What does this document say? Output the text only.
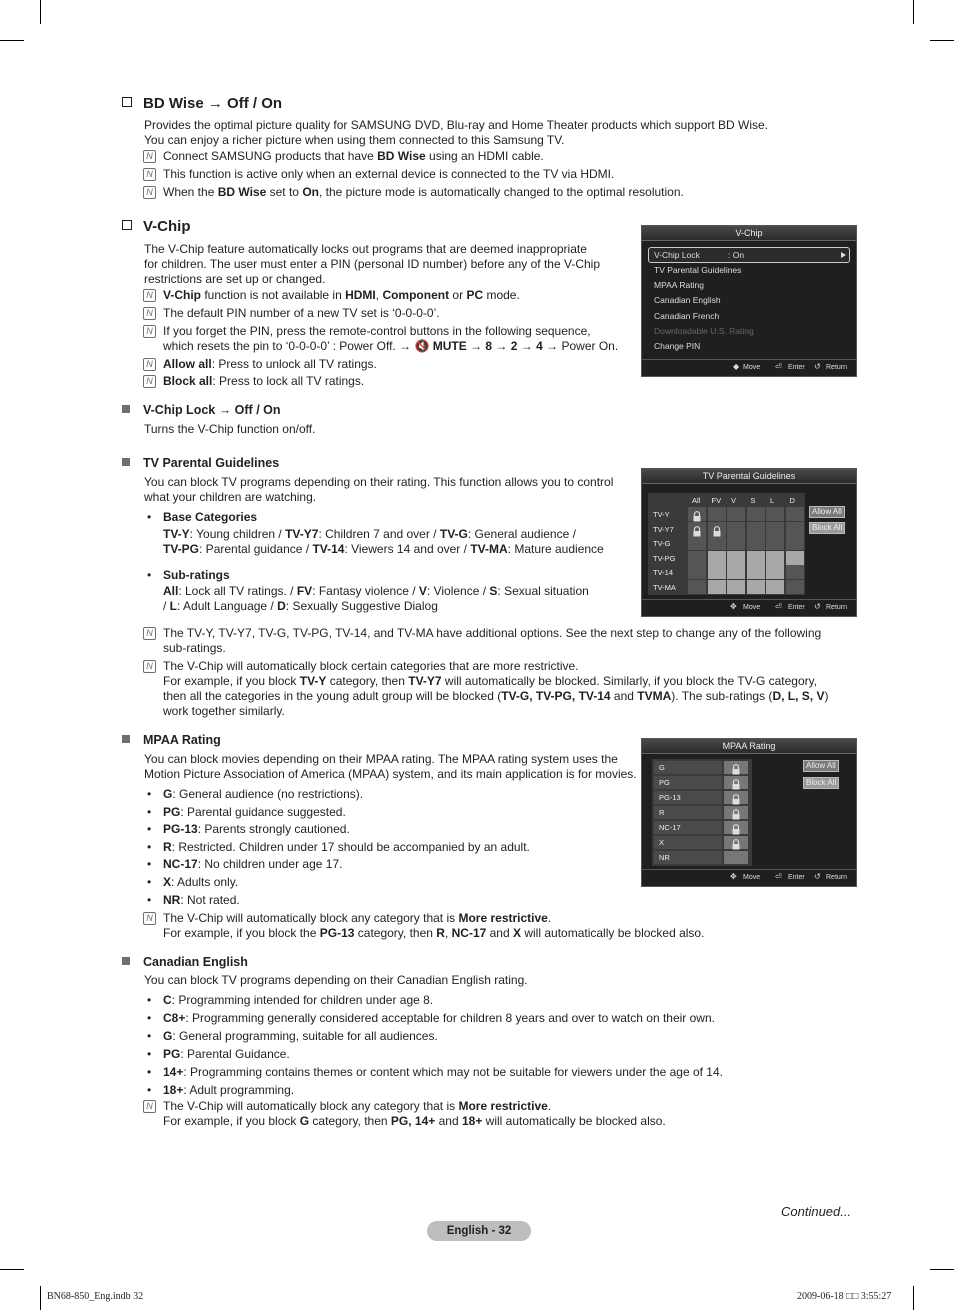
BD Wise → Off / On
Provides the optimal picture quality for SAMSUNG DVD, Blu-ray and Home Theater products which support BD Wise.
You can enjoy a richer picture when using them connected to this Samsung TV.
N Connect SAMSUNG products that have BD Wise using an HDMI cable.
N This function is active only when an external device is connected to the TV via HDMI.
N When the BD Wise set to On, the picture mode is automatically changed to the optimal resolution.
V-Chip
The V-Chip feature automatically locks out programs that are deemed inappropriate
for children. The user must enter a PIN (personal ID number) before any of the V-Chip
restrictions are set up or changed.
N V-Chip function is not available in HDMI, Component or PC mode.
N The default PIN number of a new TV set is ‘0-0-0-0’.
N If you forget the PIN, press the remote-control buttons in the following sequence,
which resets the pin to ‘0-0-0-0’ : Power Off. → 🔇 MUTE → 8 → 2 → 4 → Power On.
N Allow all: Press to unlock all TV ratings.
N Block all: Press to lock all TV ratings.
V-Chip
V-Chip Lock	: On
TV Parental Guidelines
MPAA Rating
Canadian English
Canadian French
Downloadable U.S. Rating
Change PIN
◆ Move ⏎ Enter ↺ Return
V-Chip Lock → Off / On
Turns the V-Chip function on/off.
TV Parental Guidelines
You can block TV programs depending on their rating. This function allows you to control
what your children are watching.
• Base Categories
TV-Y: Young children / TV-Y7: Children 7 and over / TV-G: General audience /
TV-PG: Parental guidance / TV-14: Viewers 14 and over / TV-MA: Mature audience
• Sub-ratings
All: Lock all TV ratings. / FV: Fantasy violence / V: Violence / S: Sexual situation
/ L: Adult Language / D: Sexually Suggestive Dialog
N The TV-Y, TV-Y7, TV-G, TV-PG, TV-14, and TV-MA have additional options. See the next step to change any of the following
sub-ratings.
N The V-Chip will automatically block certain categories that are more restrictive.
For example, if you block TV-Y category, then TV-Y7 will automatically be blocked. Similarly, if you block the TV-G category,
then all the categories in the young adult group will be blocked (TV-G, TV-PG, TV-14 and TVMA). The sub-ratings (D, L, S, V)
work together similarly.
TV Parental Guidelines
Allow All
Block All
✥ Move ⏎ Enter ↺ Return
All FV V S L D
TV-Y
TV-Y7
TV-G
TV-PG
TV-14
TV-MA
MPAA Rating
You can block movies depending on their MPAA rating. The MPAA rating system uses the
Motion Picture Association of America (MPAA) system, and its main application is for movies.
• G: General audience (no restrictions).
• PG: Parental guidance suggested.
• PG-13: Parents strongly cautioned.
• R: Restricted. Children under 17 should be accompanied by an adult.
• NC-17: No children under age 17.
• X: Adults only.
• NR: Not rated.
N The V-Chip will automatically block any category that is More restrictive.
For example, if you block the PG-13 category, then R, NC-17 and X will automatically be blocked also.
MPAA Rating
Allow All
Block All
✥ Move ⏎ Enter ↺ Return
G
PG
PG-13
R
NC-17
X
NR
Canadian English
You can block TV programs depending on their Canadian English rating.
• C: Programming intended for children under age 8.
• C8+: Programming generally considered acceptable for children 8 years and over to watch on their own.
• G: General programming, suitable for all audiences.
• PG: Parental Guidance.
• 14+: Programming contains themes or content which may not be suitable for viewers under the age of 14.
• 18+: Adult programming.
N The V-Chip will automatically block any category that is More restrictive.
For example, if you block G category, then PG, 14+ and 18+ will automatically be blocked also.
Continued...
English - 32
BN68-850_Eng.indb 32	2009-06-18 □□ 3:55:27
